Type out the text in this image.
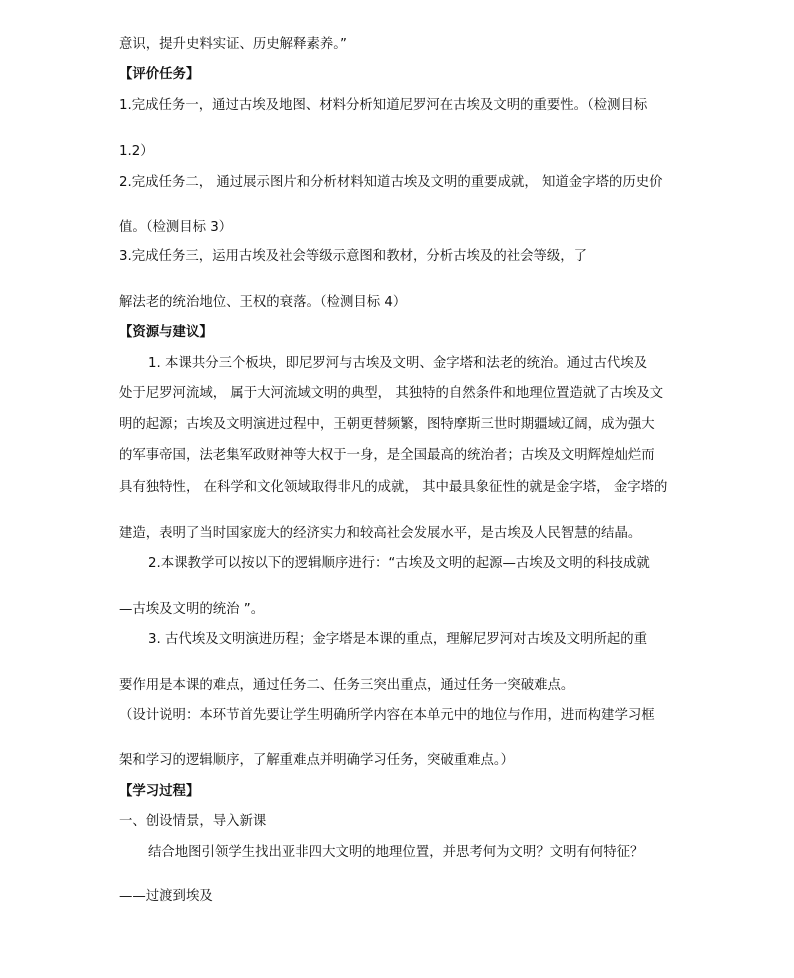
意识，提升史料实证、历史解释素养。”
【评价任务】
1.完成任务一，通过古埃及地图、材料分析知道尼罗河在古埃及文明的重要性。（检测目标
1.2）
2.完成任务二， 通过展示图片和分析材料知道古埃及文明的重要成就， 知道金字塔的历史价
值。（检测目标 3）
3.完成任务三，运用古埃及社会等级示意图和教材，分析古埃及的社会等级，了
解法老的统治地位、王权的衰落。（检测目标 4）
【资源与建议】
1. 本课共分三个板块，即尼罗河与古埃及文明、金字塔和法老的统治。通过古代埃及
处于尼罗河流域， 属于大河流域文明的典型， 其独特的自然条件和地理位置造就了古埃及文
明的起源；古埃及文明演进过程中，王朝更替频繁，图特摩斯三世时期疆域辽阔，成为强大
的军事帝国，法老集军政财神等大权于一身，是全国最高的统治者；古埃及文明辉煌灿烂而
具有独特性， 在科学和文化领域取得非凡的成就， 其中最具象征性的就是金字塔， 金字塔的
建造，表明了当时国家庞大的经济实力和较高社会发展水平，是古埃及人民智慧的结晶。
2.本课教学可以按以下的逻辑顺序进行：“古埃及文明的起源—古埃及文明的科技成就
—古埃及文明的统治 ”。
3. 古代埃及文明演进历程；金字塔是本课的重点，理解尼罗河对古埃及文明所起的重
要作用是本课的难点，通过任务二、任务三突出重点，通过任务一突破难点。
（设计说明：本环节首先要让学生明确所学内容在本单元中的地位与作用，进而构建学习框
架和学习的逻辑顺序，了解重难点并明确学习任务，突破重难点。）
【学习过程】
一、创设情景，导入新课
结合地图引领学生找出亚非四大文明的地理位置，并思考何为文明？文明有何特征？
——过渡到埃及
